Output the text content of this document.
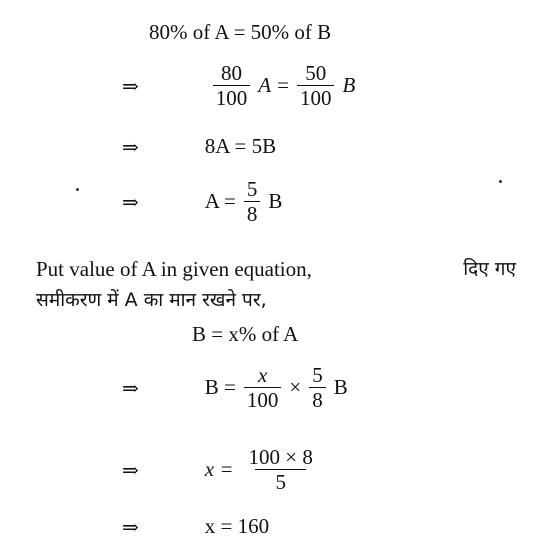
80% of A = 50% of B
⇒	$\frac{80}{100}$ $A = \frac{50}{100}$ B
⇒	8A = 5B
⇒	$A = \frac{5}{8}$ B
Put value of A in given equation,	दिए गए
समीकरण में A का मान रखने पर,
B = x% of A
⇒	$B = \frac{x}{100} \times \frac{5}{8}$ B
⇒	$x = \frac{100 \times 8}{5}$
⇒	x = 160
